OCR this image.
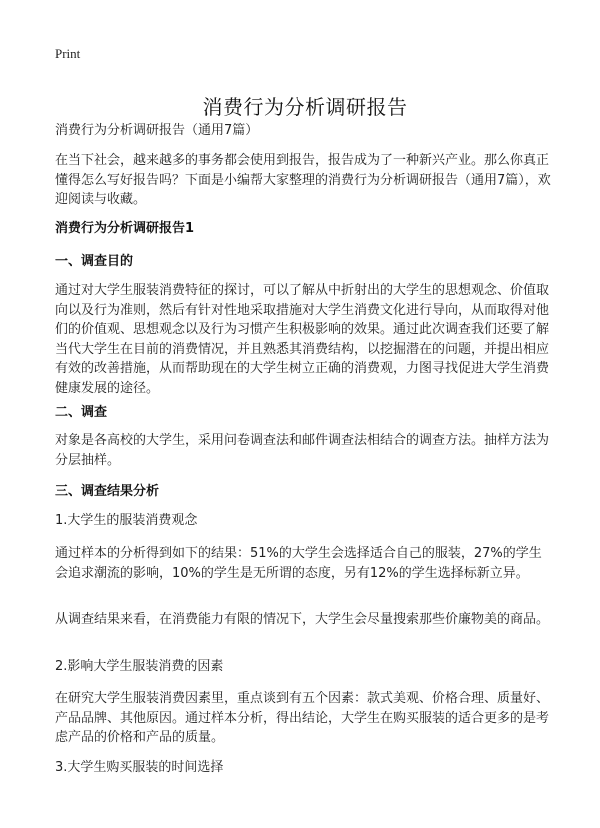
Print
消费行为分析调研报告

消费行为分析调研报告（通用7篇）

在当下社会，越来越多的事务都会使用到报告，报告成为了一种新兴产业。那么你真正懂得怎么写好报告吗？下面是小编帮大家整理的消费行为分析调研报告（通用7篇），欢迎阅读与收藏。

消费行为分析调研报告1

一、调查目的

通过对大学生服装消费特征的探讨，可以了解从中折射出的大学生的思想观念、价值取向以及行为准则，然后有针对性地采取措施对大学生消费文化进行导向，从而取得对他们的价值观、思想观念以及行为习惯产生积极影响的效果。通过此次调查我们还要了解当代大学生在目前的消费情况，并且熟悉其消费结构，以挖掘潜在的问题，并提出相应有效的改善措施，从而帮助现在的大学生树立正确的消费观，力图寻找促进大学生消费健康发展的途径。

二、调查

对象是各高校的大学生，采用问卷调查法和邮件调查法相结合的调查方法。抽样方法为分层抽样。

三、调查结果分析

1.大学生的服装消费观念

通过样本的分析得到如下的结果：51%的大学生会选择适合自己的服装，27%的学生会追求潮流的影响，10%的学生是无所谓的态度，另有12%的学生选择标新立异。

从调查结果来看，在消费能力有限的情况下，大学生会尽量搜索那些价廉物美的商品。

2.影响大学生服装消费的因素

在研究大学生服装消费因素里，重点谈到有五个因素：款式美观、价格合理、质量好、产品品牌、其他原因。通过样本分析，得出结论，大学生在购买服装的适合更多的是考虑产品的价格和产品的质量。

3.大学生购买服装的时间选择
